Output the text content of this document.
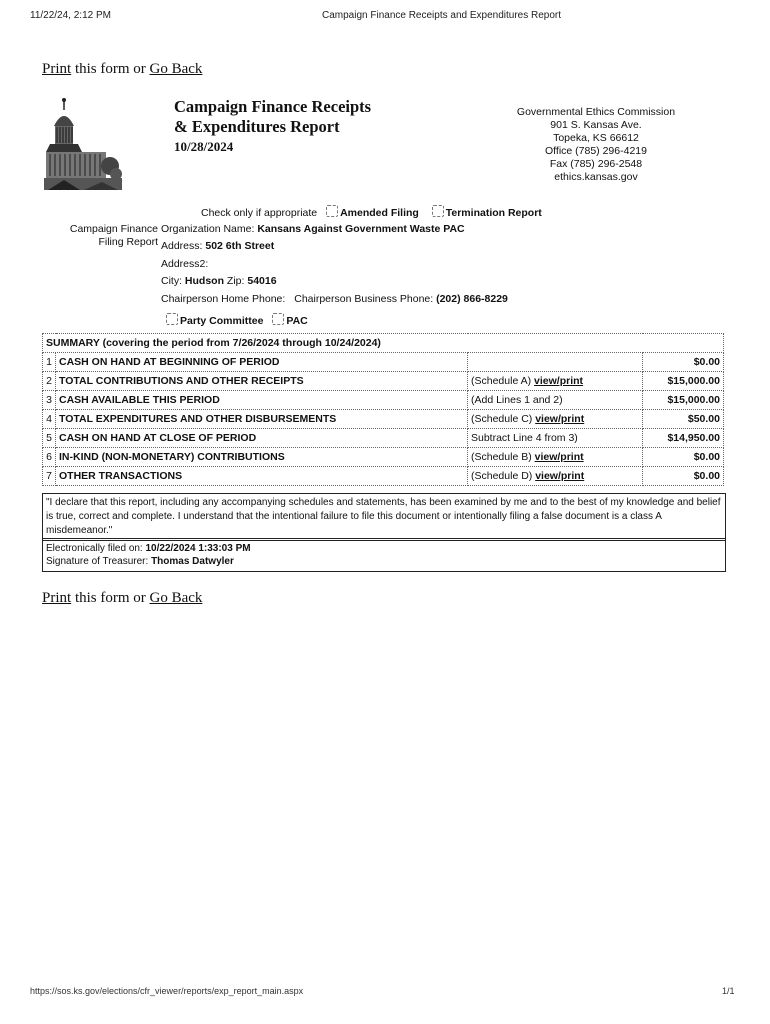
11/22/24, 2:12 PM	Campaign Finance Receipts and Expenditures Report
Print this form or Go Back
Campaign Finance Receipts
& Expenditures Report
10/28/2024
Governmental Ethics Commission
901 S. Kansas Ave.
Topeka, KS 66612
Office (785) 296-4219
Fax (785) 296-2548
ethics.kansas.gov
Check only if appropriate Amended Filing	Termination Report
Campaign Finance
Filing Report
Organization Name: Kansans Against Government Waste PAC
Address: 502 6th Street
Address2:
City: Hudson Zip: 54016
Chairperson Home Phone: Chairperson Business Phone: (202) 866-8229
Party Committee PAC
SUMMARY (covering the period from 7/26/2024 through 10/24/2024)			
1	CASH ON HAND AT BEGINNING OF PERIOD		$0.00
2	TOTAL CONTRIBUTIONS AND OTHER RECEIPTS	(Schedule A) view/print	$15,000.00
3	CASH AVAILABLE THIS PERIOD	(Add Lines 1 and 2)	$15,000.00
4	TOTAL EXPENDITURES AND OTHER DISBURSEMENTS	(Schedule C) view/print	$50.00
5	CASH ON HAND AT CLOSE OF PERIOD	Subtract Line 4 from 3)	$14,950.00
6	IN-KIND (NON-MONETARY) CONTRIBUTIONS	(Schedule B) view/print	$0.00
7	OTHER TRANSACTIONS	(Schedule D) view/print	$0.00
"I declare that this report, including any accompanying schedules and statements, has been examined by me and to the best of my knowledge and belief is true, correct and complete. I understand that the intentional failure to file this document or intentionally filing a false document is a class A misdemeanor."
Electronically filed on: 10/22/2024 1:33:03 PM
Signature of Treasurer: Thomas Datwyler
Print this form or Go Back
https://sos.ks.gov/elections/cfr_viewer/reports/exp_report_main.aspx	1/1
